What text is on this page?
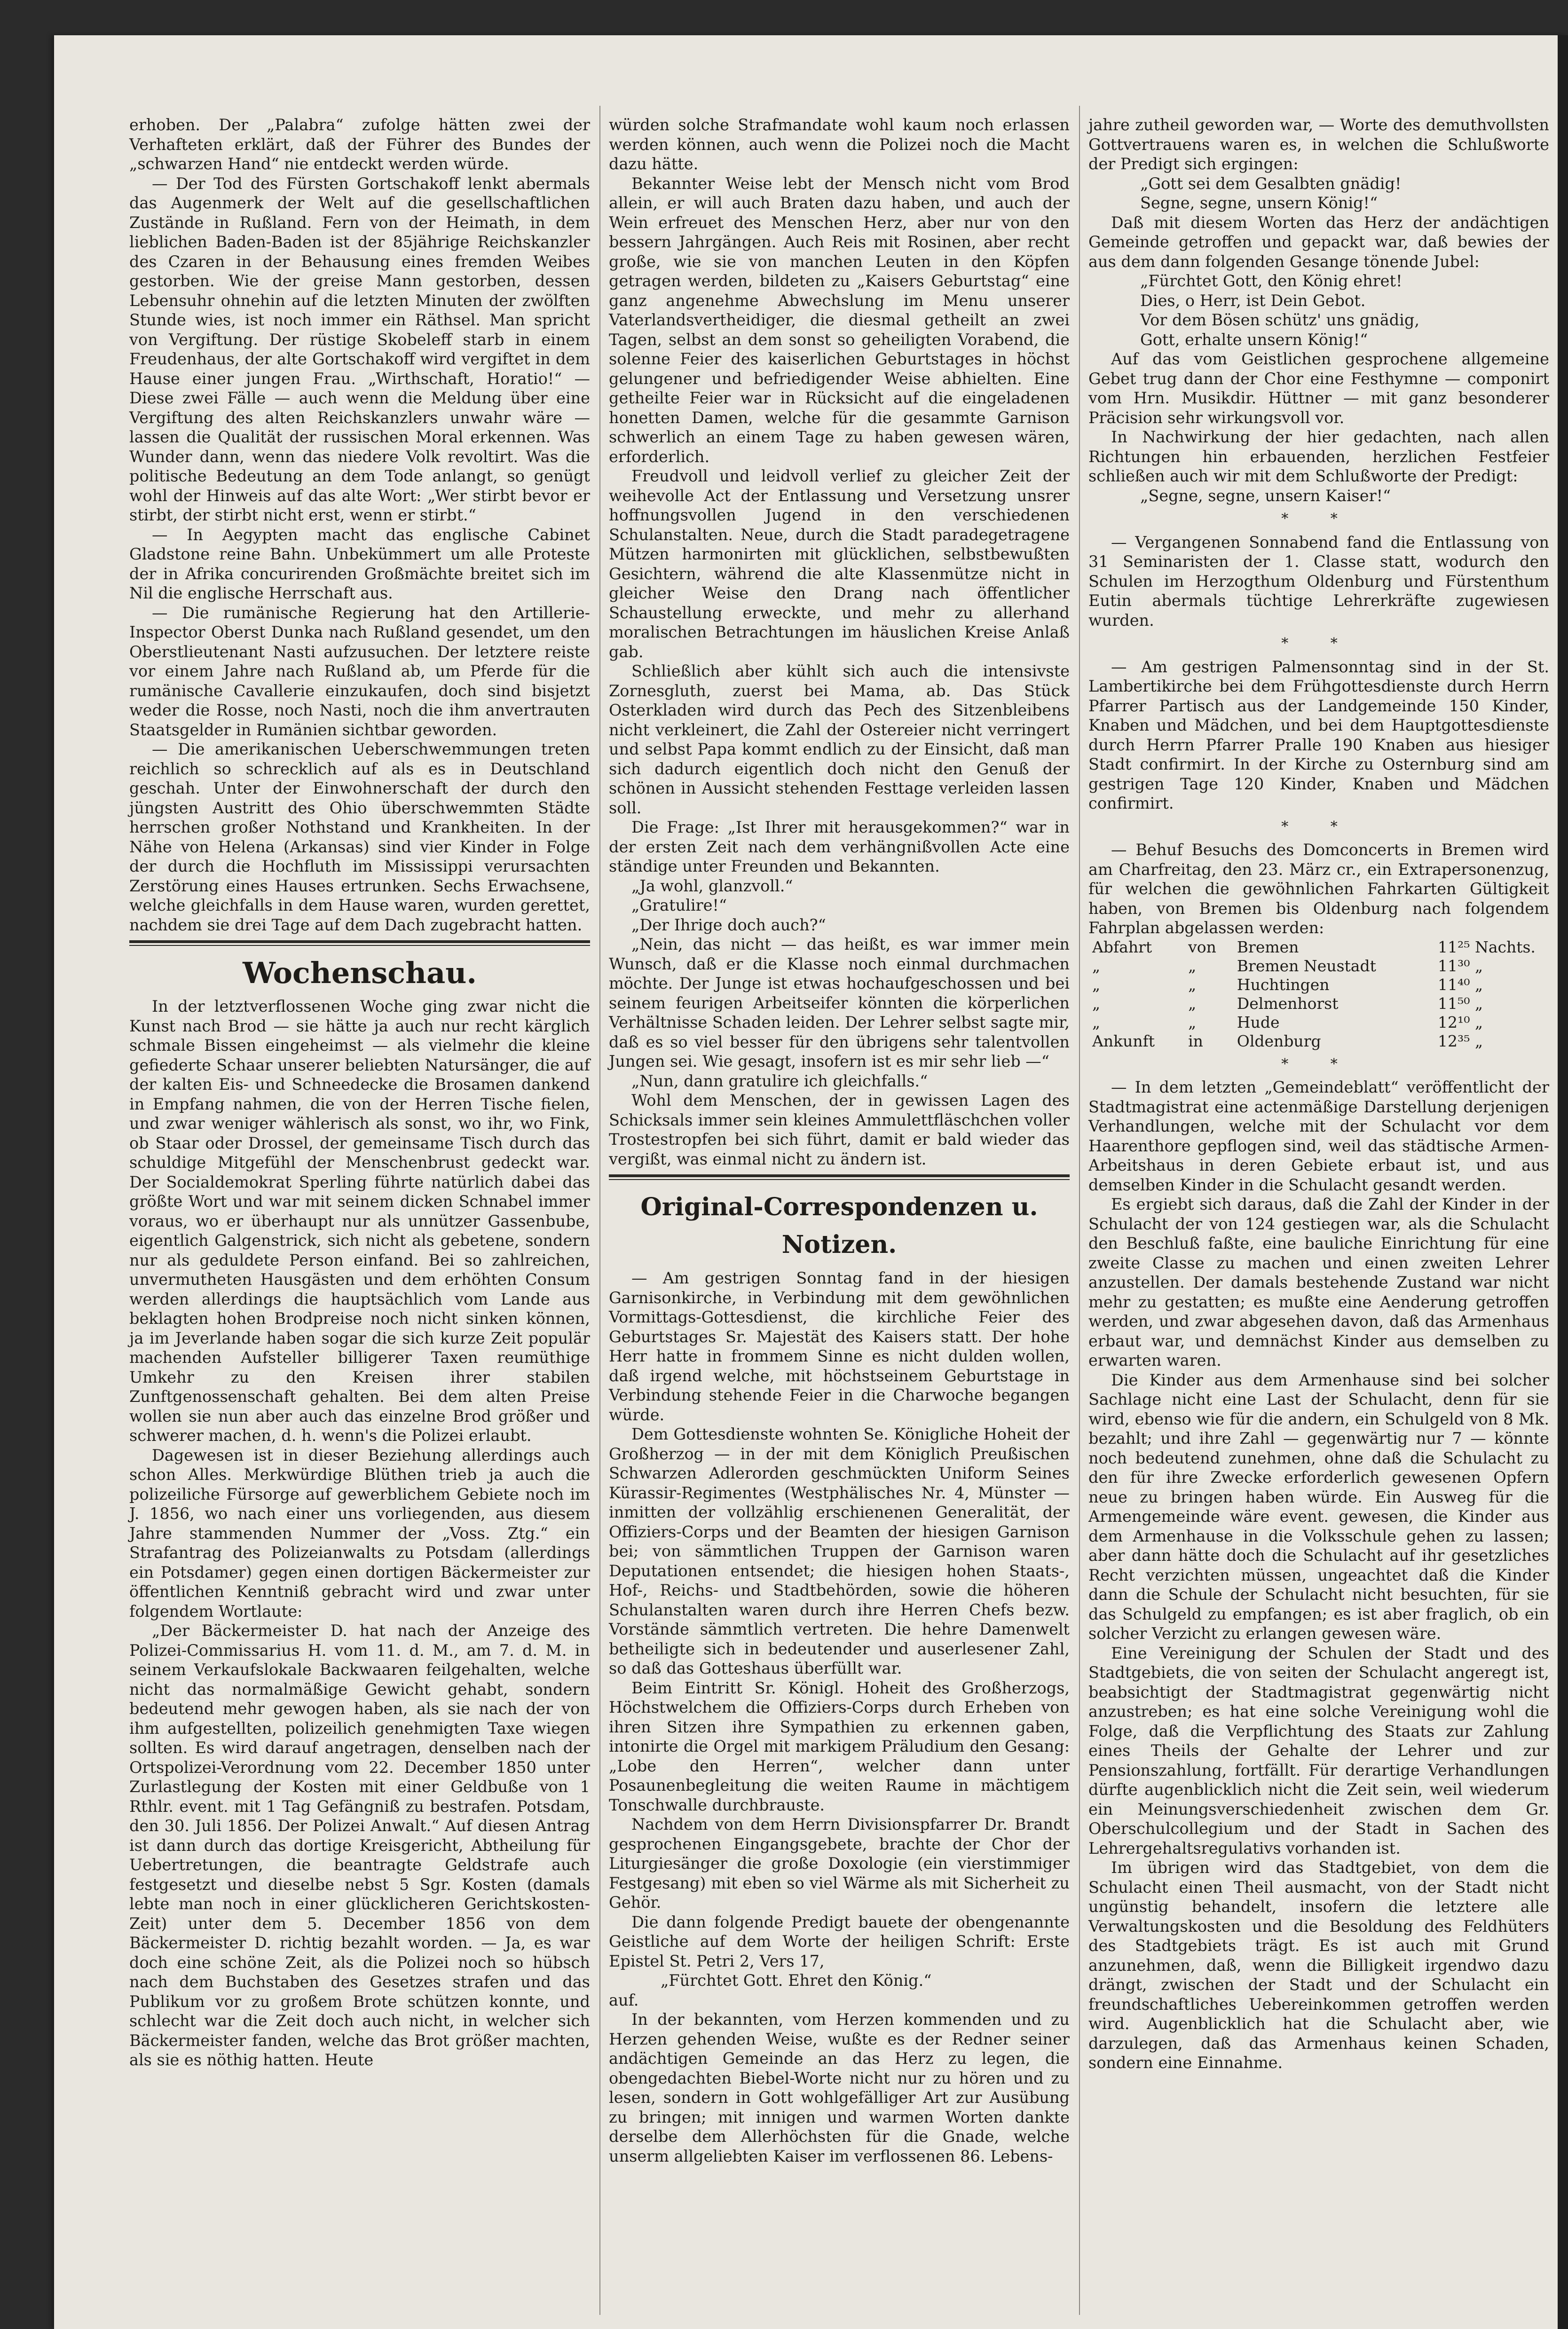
erhoben. Der „Palabra“ zufolge hätten zwei der Verhafteten erklärt, daß der Führer des Bundes der „schwarzen Hand“ nie entdeckt werden würde.

— Der Tod des Fürsten Gortschakoff lenkt abermals das Augenmerk der Welt auf die gesellschaftlichen Zustände in Rußland. Fern von der Heimath, in dem lieblichen Baden-Baden ist der 85jährige Reichskanzler des Czaren in der Behausung eines fremden Weibes gestorben. Wie der greise Mann gestorben, dessen Lebensuhr ohnehin auf die letzten Minuten der zwölften Stunde wies, ist noch immer ein Räthsel. Man spricht von Vergiftung. Der rüstige Skobeleff starb in einem Freudenhaus, der alte Gortschakoff wird vergiftet in dem Hause einer jungen Frau. „Wirthschaft, Horatio!“ — Diese zwei Fälle — auch wenn die Meldung über eine Vergiftung des alten Reichskanzlers unwahr wäre — lassen die Qualität der russischen Moral erkennen. Was Wunder dann, wenn das niedere Volk revoltirt. Was die politische Bedeutung an dem Tode anlangt, so genügt wohl der Hinweis auf das alte Wort: „Wer stirbt bevor er stirbt, der stirbt nicht erst, wenn er stirbt.“

— In Aegypten macht das englische Cabinet Gladstone reine Bahn. Unbekümmert um alle Proteste der in Afrika concurirenden Großmächte breitet sich im Nil die englische Herrschaft aus.

— Die rumänische Regierung hat den Artillerie-Inspector Oberst Dunka nach Rußland gesendet, um den Oberstlieutenant Nasti aufzusuchen. Der letztere reiste vor einem Jahre nach Rußland ab, um Pferde für die rumänische Cavallerie einzukaufen, doch sind bisjetzt weder die Rosse, noch Nasti, noch die ihm anvertrauten Staatsgelder in Rumänien sichtbar geworden.

— Die amerikanischen Ueberschwemmungen treten reichlich so schrecklich auf als es in Deutschland geschah. Unter der Einwohnerschaft der durch den jüngsten Austritt des Ohio überschwemmten Städte herrschen großer Nothstand und Krankheiten. In der Nähe von Helena (Arkansas) sind vier Kinder in Folge der durch die Hochfluth im Mississippi verursachten Zerstörung eines Hauses ertrunken. Sechs Erwachsene, welche gleichfalls in dem Hause waren, wurden gerettet, nachdem sie drei Tage auf dem Dach zugebracht hatten.

Wochenschau.

In der letztverflossenen Woche ging zwar nicht die Kunst nach Brod — sie hätte ja auch nur recht kärglich schmale Bissen eingeheimst — als vielmehr die kleine gefiederte Schaar unserer beliebten Natursänger, die auf der kalten Eis- und Schneedecke die Brosamen dankend in Empfang nahmen, die von der Herren Tische fielen, und zwar weniger wählerisch als sonst, wo ihr, wo Fink, ob Staar oder Drossel, der gemeinsame Tisch durch das schuldige Mitgefühl der Menschenbrust gedeckt war. Der Socialdemokrat Sperling führte natürlich dabei das größte Wort und war mit seinem dicken Schnabel immer voraus, wo er überhaupt nur als unnützer Gassenbube, eigentlich Galgenstrick, sich nicht als gebetene, sondern nur als geduldete Person einfand. Bei so zahlreichen, unvermutheten Hausgästen und dem erhöhten Consum werden allerdings die hauptsächlich vom Lande aus beklagten hohen Brodpreise noch nicht sinken können, ja im Jeverlande haben sogar die sich kurze Zeit populär machenden Aufsteller billigerer Taxen reumüthige Umkehr zu den Kreisen ihrer stabilen Zunftgenossenschaft gehalten. Bei dem alten Preise wollen sie nun aber auch das einzelne Brod größer und schwerer machen, d. h. wenn's die Polizei erlaubt.

Dagewesen ist in dieser Beziehung allerdings auch schon Alles. Merkwürdige Blüthen trieb ja auch die polizeiliche Fürsorge auf gewerblichem Gebiete noch im J. 1856, wo nach einer uns vorliegenden, aus diesem Jahre stammenden Nummer der „Voss. Ztg.“ ein Strafantrag des Polizeianwalts zu Potsdam (allerdings ein Potsdamer) gegen einen dortigen Bäckermeister zur öffentlichen Kenntniß gebracht wird und zwar unter folgendem Wortlaute:

„Der Bäckermeister D. hat nach der Anzeige des Polizei-Commissarius H. vom 11. d. M., am 7. d. M. in seinem Verkaufslokale Backwaaren feilgehalten, welche nicht das normalmäßige Gewicht gehabt, sondern bedeutend mehr gewogen haben, als sie nach der von ihm aufgestellten, polizeilich genehmigten Taxe wiegen sollten. Es wird darauf angetragen, denselben nach der Ortspolizei-Verordnung vom 22. December 1850 unter Zurlastlegung der Kosten mit einer Geldbuße von 1 Rthlr. event. mit 1 Tag Gefängniß zu bestrafen. Potsdam, den 30. Juli 1856. Der Polizei Anwalt.“ Auf diesen Antrag ist dann durch das dortige Kreisgericht, Abtheilung für Uebertretungen, die beantragte Geldstrafe auch festgesetzt und dieselbe nebst 5 Sgr. Kosten (damals lebte man noch in einer glücklicheren Gerichtskosten-Zeit) unter dem 5. December 1856 von dem Bäckermeister D. richtig bezahlt worden. — Ja, es war doch eine schöne Zeit, als die Polizei noch so hübsch nach dem Buchstaben des Gesetzes strafen und das Publikum vor zu großem Brote schützen konnte, und schlecht war die Zeit doch auch nicht, in welcher sich Bäckermeister fanden, welche das Brot größer machten, als sie es nöthig hatten. Heute

würden solche Strafmandate wohl kaum noch erlassen werden können, auch wenn die Polizei noch die Macht dazu hätte.

Bekannter Weise lebt der Mensch nicht vom Brod allein, er will auch Braten dazu haben, und auch der Wein erfreuet des Menschen Herz, aber nur von den bessern Jahrgängen. Auch Reis mit Rosinen, aber recht große, wie sie von manchen Leuten in den Köpfen getragen werden, bildeten zu „Kaisers Geburtstag“ eine ganz angenehme Abwechslung im Menu unserer Vaterlandsvertheidiger, die diesmal getheilt an zwei Tagen, selbst an dem sonst so geheiligten Vorabend, die solenne Feier des kaiserlichen Geburtstages in höchst gelungener und befriedigender Weise abhielten. Eine getheilte Feier war in Rücksicht auf die eingeladenen honetten Damen, welche für die gesammte Garnison schwerlich an einem Tage zu haben gewesen wären, erforderlich.

Freudvoll und leidvoll verlief zu gleicher Zeit der weihevolle Act der Entlassung und Versetzung unsrer hoffnungsvollen Jugend in den verschiedenen Schulanstalten. Neue, durch die Stadt paradegetragene Mützen harmonirten mit glücklichen, selbstbewußten Gesichtern, während die alte Klassenmütze nicht in gleicher Weise den Drang nach öffentlicher Schaustellung erweckte, und mehr zu allerhand moralischen Betrachtungen im häuslichen Kreise Anlaß gab.

Schließlich aber kühlt sich auch die intensivste Zornesgluth, zuerst bei Mama, ab. Das Stück Osterkladen wird durch das Pech des Sitzenbleibens nicht verkleinert, die Zahl der Ostereier nicht verringert und selbst Papa kommt endlich zu der Einsicht, daß man sich dadurch eigentlich doch nicht den Genuß der schönen in Aussicht stehenden Festtage verleiden lassen soll.

Die Frage: „Ist Ihrer mit herausgekommen?“ war in der ersten Zeit nach dem verhängnißvollen Acte eine ständige unter Freunden und Bekannten.

„Ja wohl, glanzvoll.“

„Gratulire!“

„Der Ihrige doch auch?“

„Nein, das nicht — das heißt, es war immer mein Wunsch, daß er die Klasse noch einmal durchmachen möchte. Der Junge ist etwas hochaufgeschossen und bei seinem feurigen Arbeitseifer könnten die körperlichen Verhältnisse Schaden leiden. Der Lehrer selbst sagte mir, daß es so viel besser für den übrigens sehr talentvollen Jungen sei. Wie gesagt, insofern ist es mir sehr lieb —“

„Nun, dann gratulire ich gleichfalls.“

Wohl dem Menschen, der in gewissen Lagen des Schicksals immer sein kleines Ammulettfläschchen voller Trostestropfen bei sich führt, damit er bald wieder das vergißt, was einmal nicht zu ändern ist.

Original-Correspondenzen u. Notizen.

— Am gestrigen Sonntag fand in der hiesigen Garnisonkirche, in Verbindung mit dem gewöhnlichen Vormittags-Gottesdienst, die kirchliche Feier des Geburtstages Sr. Majestät des Kaisers statt. Der hohe Herr hatte in frommem Sinne es nicht dulden wollen, daß irgend welche, mit höchstseinem Geburtstage in Verbindung stehende Feier in die Charwoche begangen würde.

Dem Gottesdienste wohnten Se. Königliche Hoheit der Großherzog — in der mit dem Königlich Preußischen Schwarzen Adlerorden geschmückten Uniform Seines Kürassir-Regimentes (Westphälisches Nr. 4, Münster — inmitten der vollzählig erschienenen Generalität, der Offiziers-Corps und der Beamten der hiesigen Garnison bei; von sämmtlichen Truppen der Garnison waren Deputationen entsendet; die hiesigen hohen Staats-, Hof-, Reichs- und Stadtbehörden, sowie die höheren Schulanstalten waren durch ihre Herren Chefs bezw. Vorstände sämmtlich vertreten. Die hehre Damenwelt betheiligte sich in bedeutender und auserlesener Zahl, so daß das Gotteshaus überfüllt war.

Beim Eintritt Sr. Königl. Hoheit des Großherzogs, Höchstwelchem die Offiziers-Corps durch Erheben von ihren Sitzen ihre Sympathien zu erkennen gaben, intonirte die Orgel mit markigem Präludium den Gesang: „Lobe den Herren“, welcher dann unter Posaunenbegleitung die weiten Raume in mächtigem Tonschwalle durchbrauste.

Nachdem von dem Herrn Divisionspfarrer Dr. Brandt gesprochenen Eingangsgebete, brachte der Chor der Liturgiesänger die große Doxologie (ein vierstimmiger Festgesang) mit eben so viel Wärme als mit Sicherheit zu Gehör.

Die dann folgende Predigt bauete der obengenannte Geistliche auf dem Worte der heiligen Schrift: Erste Epistel St. Petri 2, Vers 17,

„Fürchtet Gott. Ehret den König.“

auf.

In der bekannten, vom Herzen kommenden und zu Herzen gehenden Weise, wußte es der Redner seiner andächtigen Gemeinde an das Herz zu legen, die obengedachten Biebel-Worte nicht nur zu hören und zu lesen, sondern in Gott wohlgefälliger Art zur Ausübung zu bringen; mit innigen und warmen Worten dankte derselbe dem Allerhöchsten für die Gnade, welche unserm allgeliebten Kaiser im verflossenen 86. Lebens-

jahre zutheil geworden war, — Worte des demuthvollsten Gottvertrauens waren es, in welchen die Schlußworte der Predigt sich ergingen:

„Gott sei dem Gesalbten gnädig!

Segne, segne, unsern König!“

Daß mit diesem Worten das Herz der andächtigen Gemeinde getroffen und gepackt war, daß bewies der aus dem dann folgenden Gesange tönende Jubel:

„Fürchtet Gott, den König ehret!

Dies, o Herr, ist Dein Gebot.

Vor dem Bösen schütz' uns gnädig,

Gott, erhalte unsern König!“

Auf das vom Geistlichen gesprochene allgemeine Gebet trug dann der Chor eine Festhymne — componirt vom Hrn. Musikdir. Hüttner — mit ganz besonderer Präcision sehr wirkungsvoll vor.

In Nachwirkung der hier gedachten, nach allen Richtungen hin erbauenden, herzlichen Festfeier schließen auch wir mit dem Schlußworte der Predigt:

„Segne, segne, unsern Kaiser!“

* *

— Vergangenen Sonnabend fand die Entlassung von 31 Seminaristen der 1. Classe statt, wodurch den Schulen im Herzogthum Oldenburg und Fürstenthum Eutin abermals tüchtige Lehrerkräfte zugewiesen wurden.

* *

— Am gestrigen Palmensonntag sind in der St. Lambertikirche bei dem Frühgottesdienste durch Herrn Pfarrer Partisch aus der Landgemeinde 150 Kinder, Knaben und Mädchen, und bei dem Hauptgottesdienste durch Herrn Pfarrer Pralle 190 Knaben aus hiesiger Stadt confirmirt. In der Kirche zu Osternburg sind am gestrigen Tage 120 Kinder, Knaben und Mädchen confirmirt.

* *

— Behuf Besuchs des Domconcerts in Bremen wird am Charfreitag, den 23. März cr., ein Extrapersonenzug, für welchen die gewöhnlichen Fahrkarten Gültigkeit haben, von Bremen bis Oldenburg nach folgendem Fahrplan abgelassen werden:

Abfahrt	von	Bremen	11²⁵ Nachts.
„	„	Bremen Neustadt	11³⁰ „
„	„	Huchtingen	11⁴⁰ „
„	„	Delmenhorst	11⁵⁰ „
„	„	Hude	12¹⁰ „
Ankunft	in	Oldenburg	12³⁵ „
* *

— In dem letzten „Gemeindeblatt“ veröffentlicht der Stadtmagistrat eine actenmäßige Darstellung derjenigen Verhandlungen, welche mit der Schulacht vor dem Haarenthore gepflogen sind, weil das städtische Armen-Arbeitshaus in deren Gebiete erbaut ist, und aus demselben Kinder in die Schulacht gesandt werden.

Es ergiebt sich daraus, daß die Zahl der Kinder in der Schulacht der von 124 gestiegen war, als die Schulacht den Beschluß faßte, eine bauliche Einrichtung für eine zweite Classe zu machen und einen zweiten Lehrer anzustellen. Der damals bestehende Zustand war nicht mehr zu gestatten; es mußte eine Aenderung getroffen werden, und zwar abgesehen davon, daß das Armenhaus erbaut war, und demnächst Kinder aus demselben zu erwarten waren.

Die Kinder aus dem Armenhause sind bei solcher Sachlage nicht eine Last der Schulacht, denn für sie wird, ebenso wie für die andern, ein Schulgeld von 8 Mk. bezahlt; und ihre Zahl — gegenwärtig nur 7 — könnte noch bedeutend zunehmen, ohne daß die Schulacht zu den für ihre Zwecke erforderlich gewesenen Opfern neue zu bringen haben würde. Ein Ausweg für die Armengemeinde wäre event. gewesen, die Kinder aus dem Armenhause in die Volksschule gehen zu lassen; aber dann hätte doch die Schulacht auf ihr gesetzliches Recht verzichten müssen, ungeachtet daß die Kinder dann die Schule der Schulacht nicht besuchten, für sie das Schulgeld zu empfangen; es ist aber fraglich, ob ein solcher Verzicht zu erlangen gewesen wäre.

Eine Vereinigung der Schulen der Stadt und des Stadtgebiets, die von seiten der Schulacht angeregt ist, beabsichtigt der Stadtmagistrat gegenwärtig nicht anzustreben; es hat eine solche Vereinigung wohl die Folge, daß die Verpflichtung des Staats zur Zahlung eines Theils der Gehalte der Lehrer und zur Pensionszahlung, fortfällt. Für derartige Verhandlungen dürfte augenblicklich nicht die Zeit sein, weil wiederum ein Meinungsverschiedenheit zwischen dem Gr. Oberschulcollegium und der Stadt in Sachen des Lehrergehaltsregulativs vorhanden ist.

Im übrigen wird das Stadtgebiet, von dem die Schulacht einen Theil ausmacht, von der Stadt nicht ungünstig behandelt, insofern die letztere alle Verwaltungskosten und die Besoldung des Feldhüters des Stadtgebiets trägt. Es ist auch mit Grund anzunehmen, daß, wenn die Billigkeit irgendwo dazu drängt, zwischen der Stadt und der Schulacht ein freundschaftliches Uebereinkommen getroffen werden wird. Augenblicklich hat die Schulacht aber, wie darzulegen, daß das Armenhaus keinen Schaden, sondern eine Einnahme.
